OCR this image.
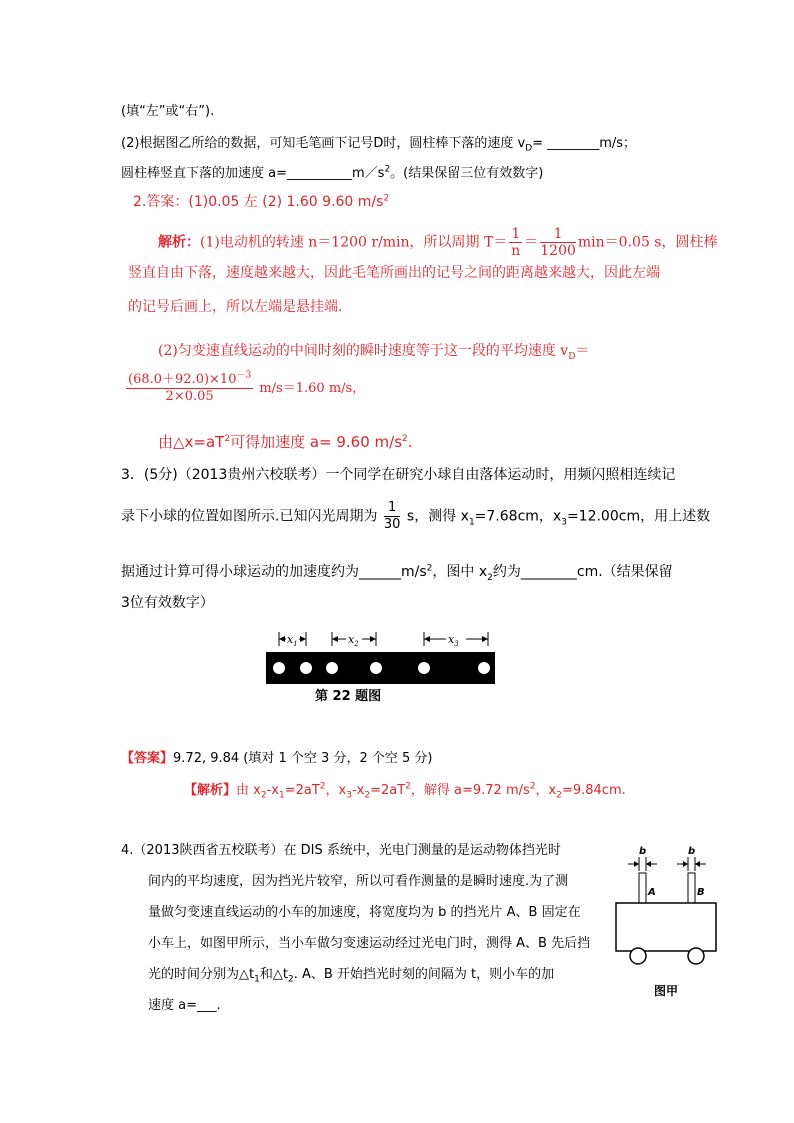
(填“左”或“右”).
(2)根据图乙所给的数据，可知毛笔画下记号D时，圆柱棒下落的速度 $v_D=$ ________m/s；
圆柱棒竖直下落的加速度 $a=\_\_\_\_\_\_\_\_\_\_m/s^2$。(结果保留三位有效数字)
2.答案：(1)0.05 左 (2) 1.60 9.60 $m/s^2$
解析：(1)电动机的转速 n＝1200 r/min，所以周期 $T= \frac{1}{n} = \frac{1}{1200} \min=0.05$ s，圆柱棒
竖直自由下落，速度越来越大，因此毛笔所画出的记号之间的距离越来越大，因此左端
的记号后画上，所以左端是悬挂端.
(2)匀变速直线运动的中间时刻的瞬时速度等于这一段的平均速度 $v_D=$
$\frac{(68.0+92.0)\times 10^{-3}}{2\times 0.05} m/s=1.60$ m/s，
由$\triangle x=aT^2$可得加速度 a= 9.60 $m/s^2$.
3．(5分)（2013贵州六校联考）一个同学在研究小球自由落体运动时，用频闪照相连续记
录下小球的位置如图所示.已知闪光周期为 $\frac{1}{30}$ s，测得 $x_1=7.68cm$，$x_3=12.00cm$，用上述数
据通过计算可得小球运动的加速度约为$\_\_\_\_\_\_m/s^2$，图中 $x_2$约为________cm.（结果保留
3位有效数字）
$x_1$	$x_2$	$x_3$
第 22 题图
【答案】9.72, 9.84 (填对 1 个空 3 分，2 个空 5 分)
【解析】由 $x_2-x_1=2aT^2$，$x_3-x_2=2aT^2$，解得 a=9.72 $m/s^2$，$x_2=9.84cm$.
4.（2013陕西省五校联考）在 DIS 系统中，光电门测量的是运动物体挡光时
间内的平均速度，因为挡光片较窄，所以可看作测量的是瞬时速度.为了测
量做匀变速直线运动的小车的加速度，将宽度均为 b 的挡光片 A、B 固定在
小车上，如图甲所示，当小车做匀变速运动经过光电门时，测得 A、B 先后挡
光的时间分别为$\triangle t_1$和$\triangle t_2$. A、B 开始挡光时刻的间隔为 t，则小车的加
速度 a=___.
b	b
A	B
图甲
